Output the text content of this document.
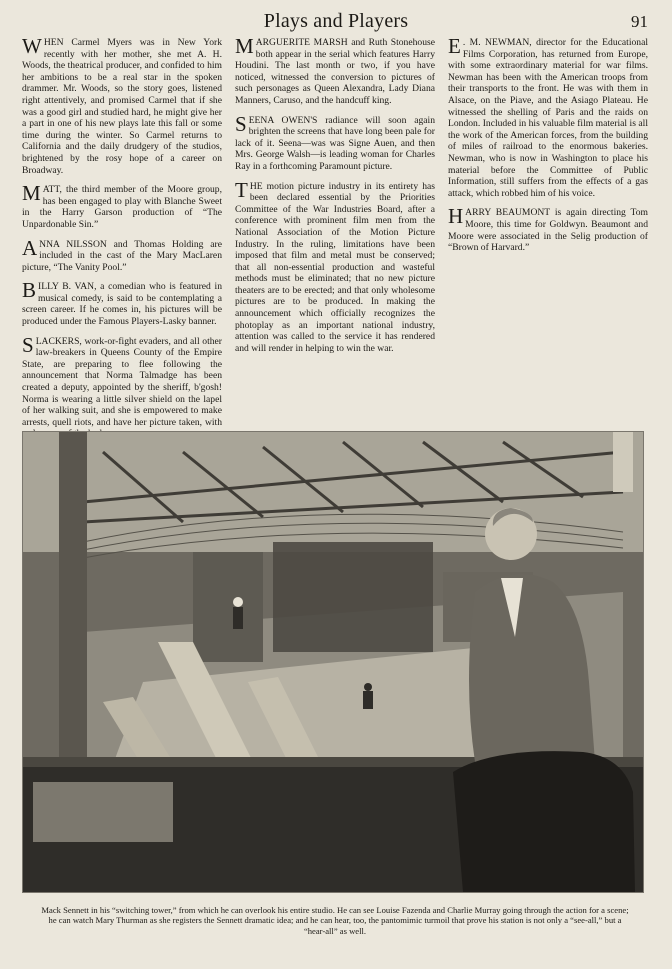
Plays and Players	91

WHEN Carmel Myers was in New York recently with her mother, she met A. H. Woods, the theatrical producer, and confided to him her ambitions to be a real star in the spoken drammer. Mr. Woods, so the story goes, listened right attentively, and promised Carmel that if she was a good girl and studied hard, he might give her a part in one of his new plays late this fall or some time during the winter. So Carmel returns to California and the daily drudgery of the studios, brightened by the rosy hope of a career on Broadway.

MATT, the third member of the Moore group, has been engaged to play with Blanche Sweet in the Harry Garson production of “The Unpardonable Sin.”

ANNA NILSSON and Thomas Holding are included in the cast of the Mary MacLaren picture, “The Vanity Pool.”

BILLY B. VAN, a comedian who is featured in musical comedy, is said to be contemplating a screen career. If he comes in, his pictures will be produced under the Famous Players-Lasky banner.

SLACKERS, work-or-fight evaders, and all other law-breakers in Queens County of the Empire State, are preparing to flee following the announcement that Norma Talmadge has been created a deputy, appointed by the sheriff, b'gosh! Norma is wearing a little silver shield on the lapel of her walking suit, and she is empowered to make arrests, quell riots, and have her picture taken, with

MARGUERITE MARSH and Ruth Stonehouse both appear in the serial which features Harry Houdini. The last month or two, if you have noticed, witnessed the conversion to pictures of such personages as Queen Alexandra, Lady Diana Manners, Caruso, and the handcuff king.

SEENA OWEN'S radiance will soon again brighten the screens that have long been pale for lack of it. Seena—was was Signe Auen, and then Mrs. George Walsh—is leading woman for Charles Ray in a forthcoming Paramount picture.

THE motion picture industry in its entirety has been declared essential by the Priorities Committee of the War Industries Board, after a conference with prominent film men from the National Association of the Motion Picture Industry. In the ruling, limitations have been imposed that film and metal must be conserved; that all non-essential production and wasteful methods must be eliminated; that no new picture theaters are to be erected; and that only wholesome pictures are to be produced. In making the announcement which officially recognizes the photoplay as an important national industry, attention was called to the service it has rendered and will render in helping to win the war.

E . M. NEWMAN, director for the Educational Films Corporation, has returned from Europe, with some extraordinary material for war films. Newman has been with the American troops from their transports to the front. He was with them in Alsace, on the Piave, and the Asiago Plateau. He witnessed the shelling of Paris and the raids on London. Included in his valuable film material is all the work of the American forces, from the building of miles of railroad to the enormous bakeries. Newman, who is now in Washington to place his material before the Committee of Public Information, still suffers from the effects of a gas attack, which robbed him of his voice.

HARRY BEAUMONT is again directing Tom Moore, this time for Goldwyn. Beaumont and Moore were associated in the Selig production of “Brown of Harvard.”

Mack Sennett in his “switching tower,” from which he can overlook his entire studio. He can see Louise Fazenda and Charlie Murray going through the action for a scene; he can watch Mary Thurman as she registers the Sennett dramatic idea; and he can hear, too, the pantomimic turmoil that prove his station is not only a “see-all,” but a “hear-all” as well.
